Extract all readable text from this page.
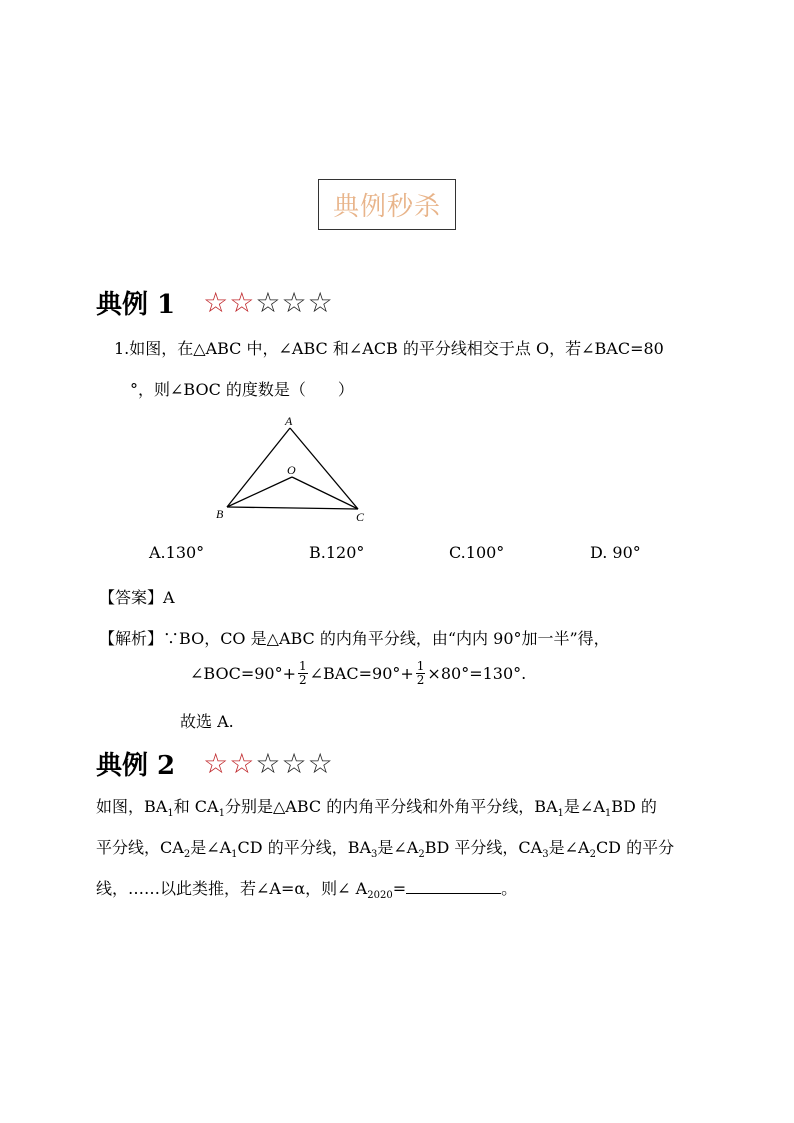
典例秒杀
典例 1 ☆☆☆☆☆
1.如图，在△ABC 中，∠ABC 和∠ACB 的平分线相交于点 O，若∠BAC=80
°，则∠BOC 的度数是（　　）
A
O
B	C
A.130°	B.120°	C.100°	D. 90°
【答案】A
【解析】∵BO，CO 是△ABC 的内角平分线，由“内内 90°加一半”得，
∠BOC=90°+ $\frac{1}{2}$ ∠BAC=90°+ $\frac{1}{2} \times 80^\circ=130^\circ$.
故选 A.
典例 2 ☆☆☆☆☆
如图，$BA_1$和 $CA_1$分别是△ABC 的内角平分线和外角平分线，$BA_1$是$\angle A_1BD$ 的
平分线，$CA_2$是$\angle A_1CD$ 的平分线，$BA_3$是$\angle A_2BD$ 平分线，$CA_3$是$\angle A_2CD$ 的平分
线，……以此类推，若∠A=α，则∠ $A_{2020}=$	。
